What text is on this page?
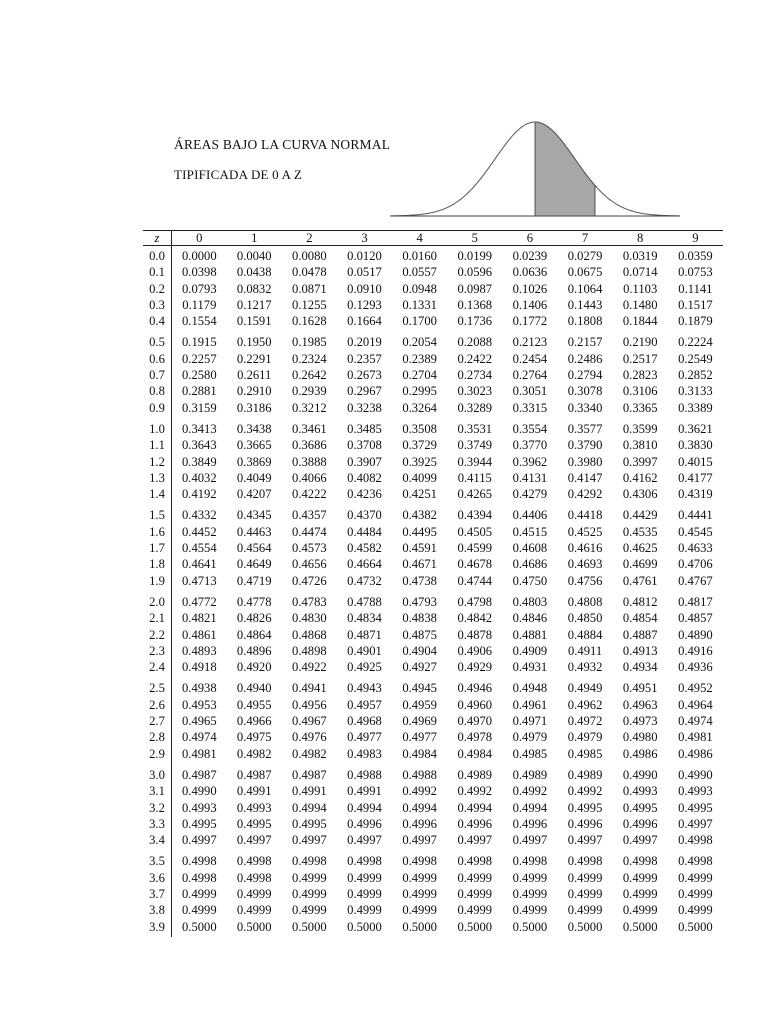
ÁREAS BAJO LA CURVA NORMAL
TIPIFICADA DE 0 A Z
z	0	1	2	3	4	5	6	7	8	9
0.0	0.0000	0.0040	0.0080	0.0120	0.0160	0.0199	0.0239	0.0279	0.0319	0.0359
0.1	0.0398	0.0438	0.0478	0.0517	0.0557	0.0596	0.0636	0.0675	0.0714	0.0753
0.2	0.0793	0.0832	0.0871	0.0910	0.0948	0.0987	0.1026	0.1064	0.1103	0.1141
0.3	0.1179	0.1217	0.1255	0.1293	0.1331	0.1368	0.1406	0.1443	0.1480	0.1517
0.4	0.1554	0.1591	0.1628	0.1664	0.1700	0.1736	0.1772	0.1808	0.1844	0.1879
0.5	0.1915	0.1950	0.1985	0.2019	0.2054	0.2088	0.2123	0.2157	0.2190	0.2224
0.6	0.2257	0.2291	0.2324	0.2357	0.2389	0.2422	0.2454	0.2486	0.2517	0.2549
0.7	0.2580	0.2611	0.2642	0.2673	0.2704	0.2734	0.2764	0.2794	0.2823	0.2852
0.8	0.2881	0.2910	0.2939	0.2967	0.2995	0.3023	0.3051	0.3078	0.3106	0.3133
0.9	0.3159	0.3186	0.3212	0.3238	0.3264	0.3289	0.3315	0.3340	0.3365	0.3389
1.0	0.3413	0.3438	0.3461	0.3485	0.3508	0.3531	0.3554	0.3577	0.3599	0.3621
1.1	0.3643	0.3665	0.3686	0.3708	0.3729	0.3749	0.3770	0.3790	0.3810	0.3830
1.2	0.3849	0.3869	0.3888	0.3907	0.3925	0.3944	0.3962	0.3980	0.3997	0.4015
1.3	0.4032	0.4049	0.4066	0.4082	0.4099	0.4115	0.4131	0.4147	0.4162	0.4177
1.4	0.4192	0.4207	0.4222	0.4236	0.4251	0.4265	0.4279	0.4292	0.4306	0.4319
1.5	0.4332	0.4345	0.4357	0.4370	0.4382	0.4394	0.4406	0.4418	0.4429	0.4441
1.6	0.4452	0.4463	0.4474	0.4484	0.4495	0.4505	0.4515	0.4525	0.4535	0.4545
1.7	0.4554	0.4564	0.4573	0.4582	0.4591	0.4599	0.4608	0.4616	0.4625	0.4633
1.8	0.4641	0.4649	0.4656	0.4664	0.4671	0.4678	0.4686	0.4693	0.4699	0.4706
1.9	0.4713	0.4719	0.4726	0.4732	0.4738	0.4744	0.4750	0.4756	0.4761	0.4767
2.0	0.4772	0.4778	0.4783	0.4788	0.4793	0.4798	0.4803	0.4808	0.4812	0.4817
2.1	0.4821	0.4826	0.4830	0.4834	0.4838	0.4842	0.4846	0.4850	0.4854	0.4857
2.2	0.4861	0.4864	0.4868	0.4871	0.4875	0.4878	0.4881	0.4884	0.4887	0.4890
2.3	0.4893	0.4896	0.4898	0.4901	0.4904	0.4906	0.4909	0.4911	0.4913	0.4916
2.4	0.4918	0.4920	0.4922	0.4925	0.4927	0.4929	0.4931	0.4932	0.4934	0.4936
2.5	0.4938	0.4940	0.4941	0.4943	0.4945	0.4946	0.4948	0.4949	0.4951	0.4952
2.6	0.4953	0.4955	0.4956	0.4957	0.4959	0.4960	0.4961	0.4962	0.4963	0.4964
2.7	0.4965	0.4966	0.4967	0.4968	0.4969	0.4970	0.4971	0.4972	0.4973	0.4974
2.8	0.4974	0.4975	0.4976	0.4977	0.4977	0.4978	0.4979	0.4979	0.4980	0.4981
2.9	0.4981	0.4982	0.4982	0.4983	0.4984	0.4984	0.4985	0.4985	0.4986	0.4986
3.0	0.4987	0.4987	0.4987	0.4988	0.4988	0.4989	0.4989	0.4989	0.4990	0.4990
3.1	0.4990	0.4991	0.4991	0.4991	0.4992	0.4992	0.4992	0.4992	0.4993	0.4993
3.2	0.4993	0.4993	0.4994	0.4994	0.4994	0.4994	0.4994	0.4995	0.4995	0.4995
3.3	0.4995	0.4995	0.4995	0.4996	0.4996	0.4996	0.4996	0.4996	0.4996	0.4997
3.4	0.4997	0.4997	0.4997	0.4997	0.4997	0.4997	0.4997	0.4997	0.4997	0.4998
3.5	0.4998	0.4998	0.4998	0.4998	0.4998	0.4998	0.4998	0.4998	0.4998	0.4998
3.6	0.4998	0.4998	0.4999	0.4999	0.4999	0.4999	0.4999	0.4999	0.4999	0.4999
3.7	0.4999	0.4999	0.4999	0.4999	0.4999	0.4999	0.4999	0.4999	0.4999	0.4999
3.8	0.4999	0.4999	0.4999	0.4999	0.4999	0.4999	0.4999	0.4999	0.4999	0.4999
3.9	0.5000	0.5000	0.5000	0.5000	0.5000	0.5000	0.5000	0.5000	0.5000	0.5000
